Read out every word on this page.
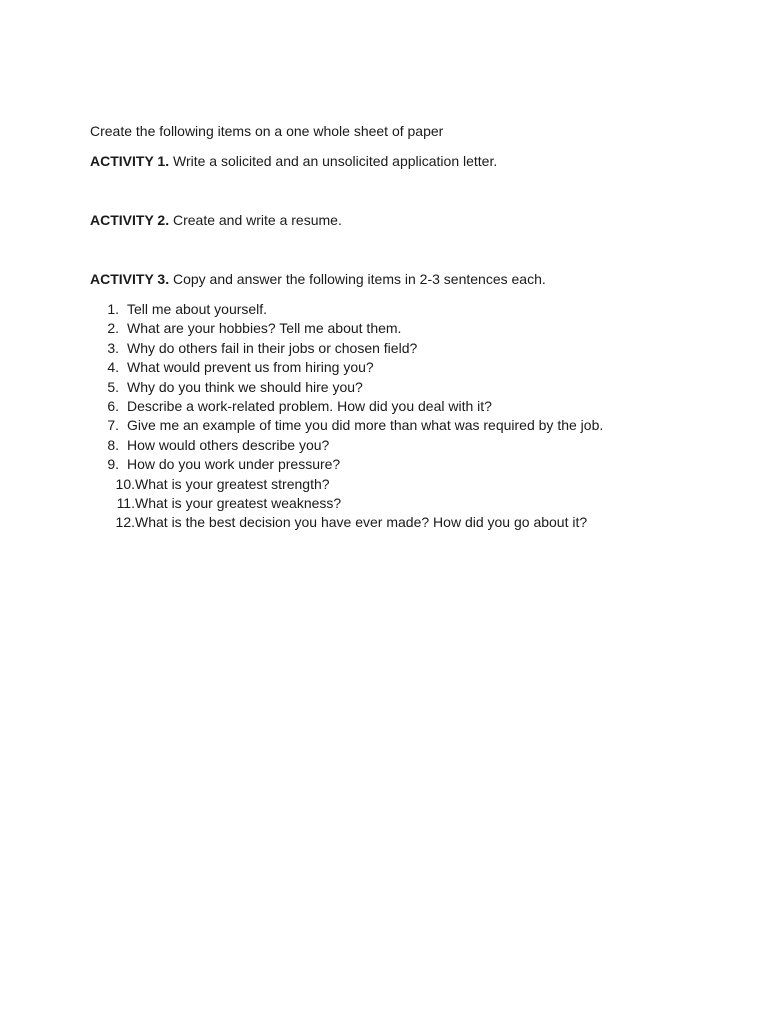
Create the following items on a one whole sheet of paper
ACTIVITY 1. Write a solicited and an unsolicited application letter.
ACTIVITY 2. Create and write a resume.
ACTIVITY 3. Copy and answer the following items in 2-3 sentences each.
1. Tell me about yourself.
2. What are your hobbies? Tell me about them.
3. Why do others fail in their jobs or chosen field?
4. What would prevent us from hiring you?
5. Why do you think we should hire you?
6. Describe a work-related problem. How did you deal with it?
7. Give me an example of time you did more than what was required by the job.
8. How would others describe you?
9. How do you work under pressure?
10. What is your greatest strength?
11. What is your greatest weakness?
12. What is the best decision you have ever made? How did you go about it?
